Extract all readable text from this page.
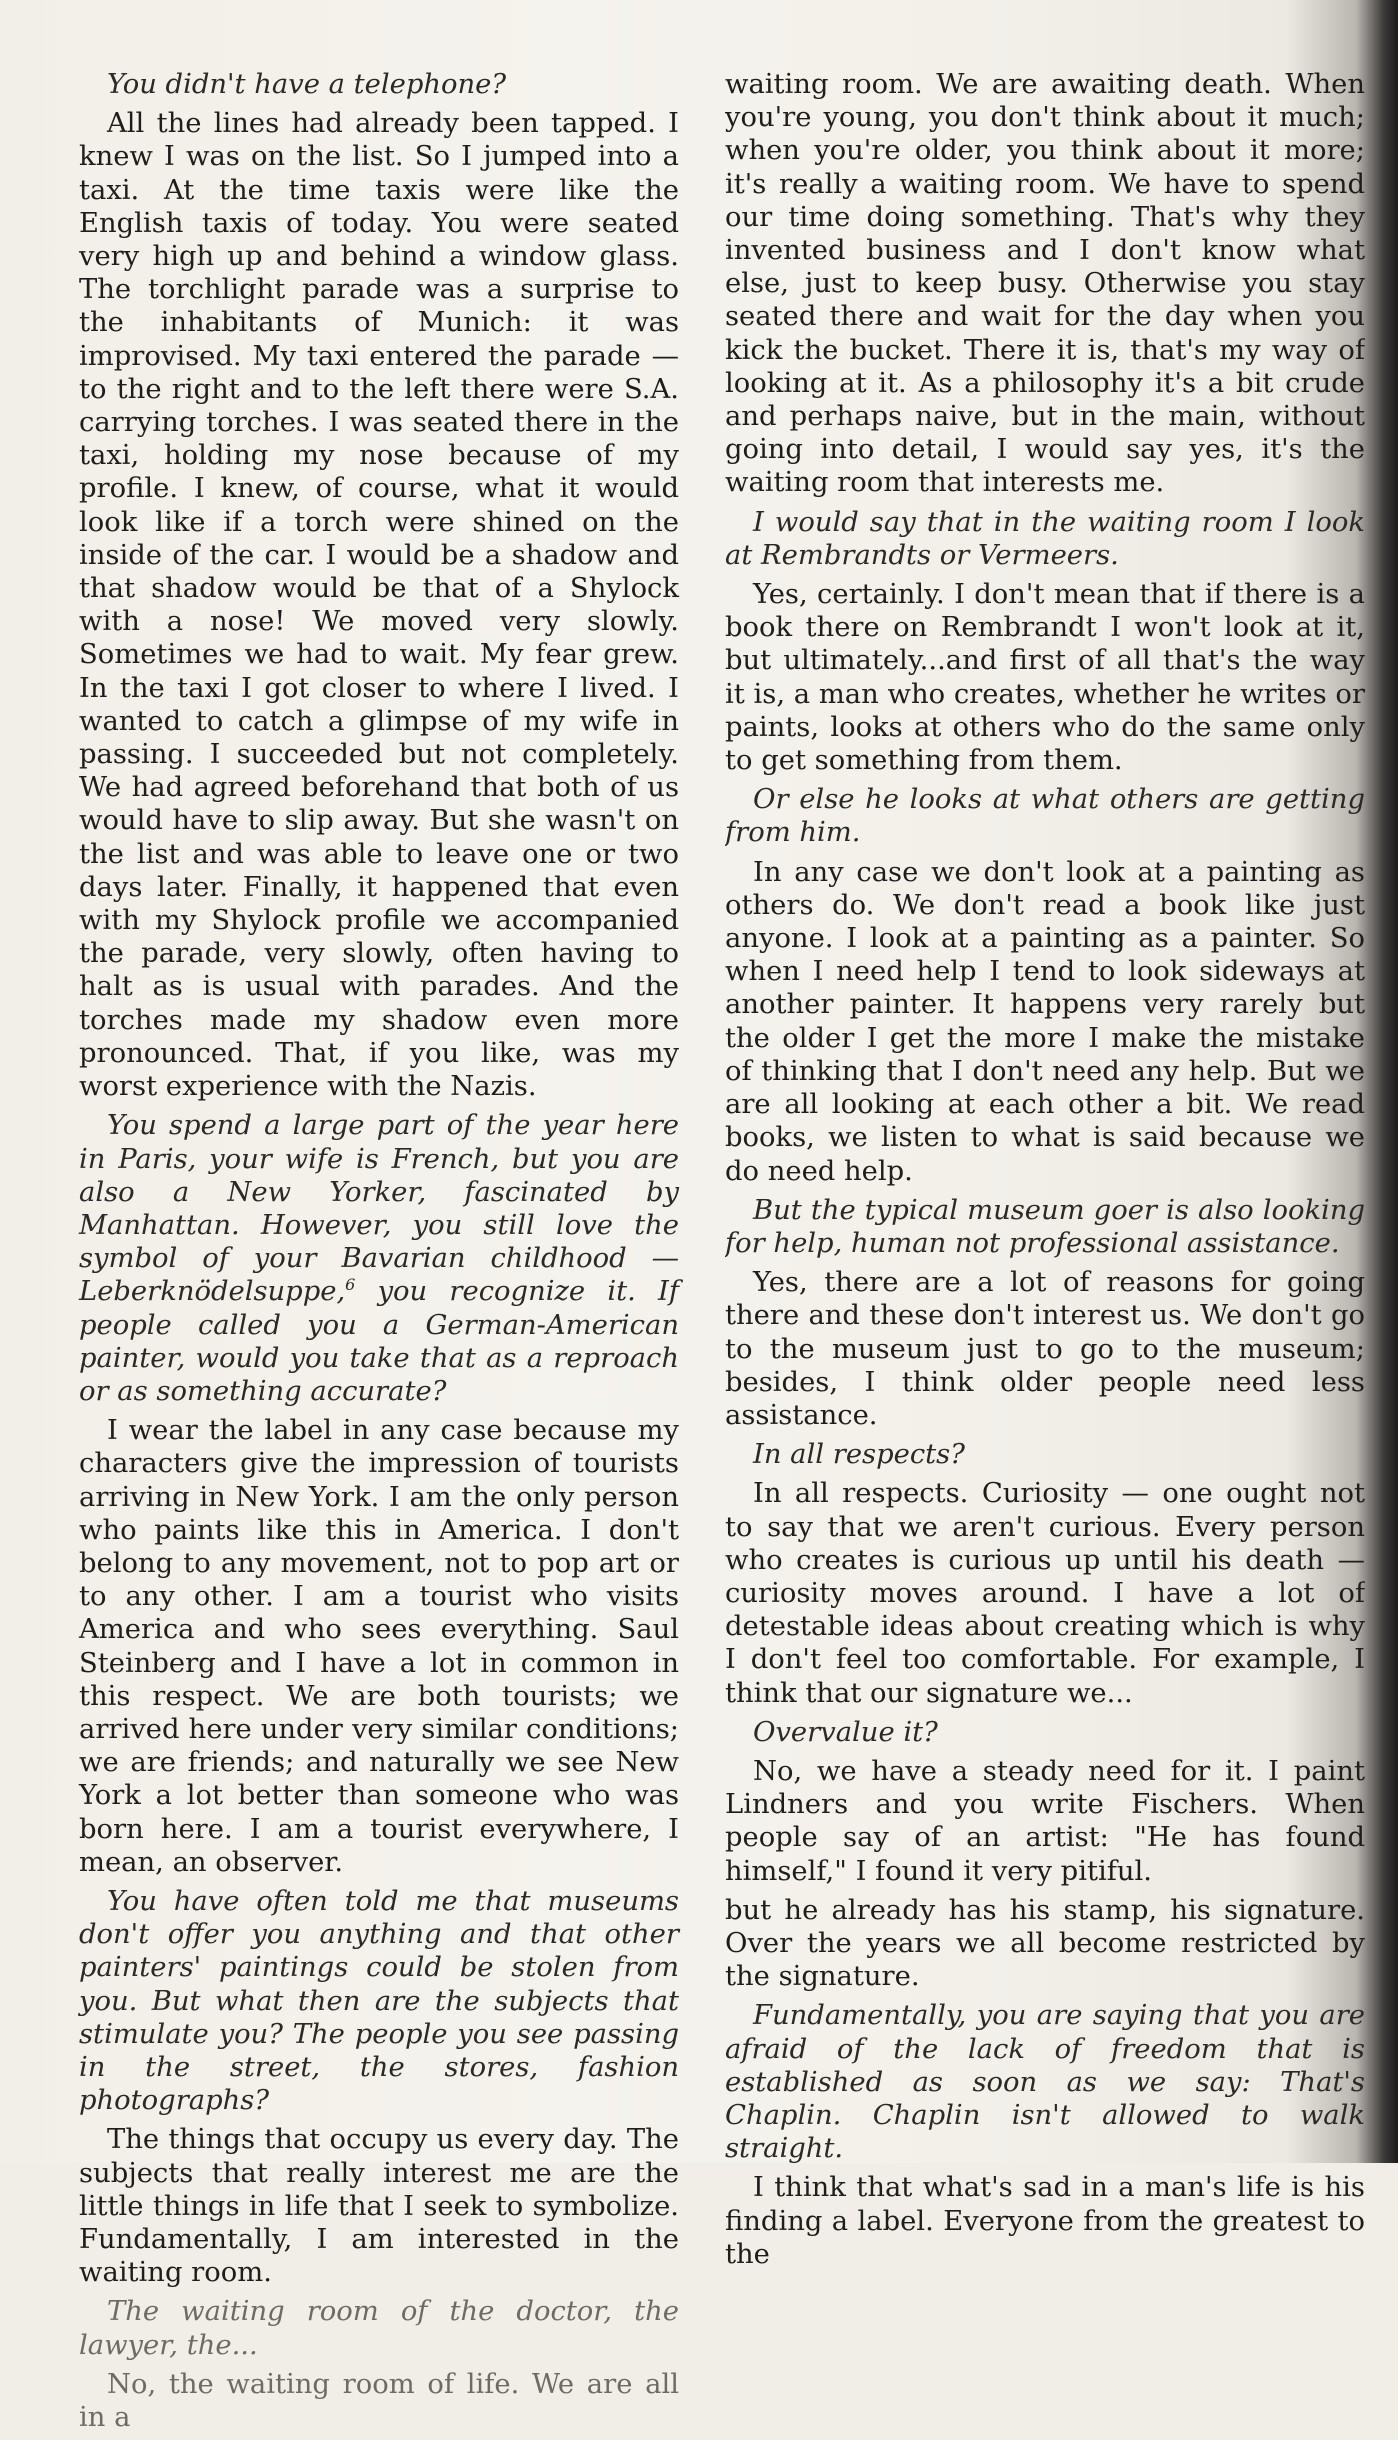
You didn't have a telephone?

All the lines had already been tapped. I knew I was on the list. So I jumped into a taxi. At the time taxis were like the English taxis of today. You were seated very high up and behind a window glass. The torchlight parade was a surprise to the inhabitants of Munich: it was improvised. My taxi entered the parade — to the right and to the left there were S.A. carrying torches. I was seated there in the taxi, holding my nose because of my profile. I knew, of course, what it would look like if a torch were shined on the inside of the car. I would be a shadow and that shadow would be that of a Shylock with a nose! We moved very slowly. Sometimes we had to wait. My fear grew. In the taxi I got closer to where I lived. I wanted to catch a glimpse of my wife in passing. I succeeded but not completely. We had agreed beforehand that both of us would have to slip away. But she wasn't on the list and was able to leave one or two days later. Finally, it happened that even with my Shylock profile we accompanied the parade, very slowly, often having to halt as is usual with parades. And the torches made my shadow even more pronounced. That, if you like, was my worst experience with the Nazis.

You spend a large part of the year here in Paris, your wife is French, but you are also a New Yorker, fascinated by Manhattan. However, you still love the symbol of your Bavarian childhood — Leberknödelsuppe,$^6$ you recognize it. If people called you a German-American painter, would you take that as a reproach or as something accurate?

I wear the label in any case because my characters give the impression of tourists arriving in New York. I am the only person who paints like this in America. I don't belong to any movement, not to pop art or to any other. I am a tourist who visits America and who sees everything. Saul Steinberg and I have a lot in common in this respect. We are both tourists; we arrived here under very similar conditions; we are friends; and naturally we see New York a lot better than someone who was born here. I am a tourist everywhere, I mean, an observer.

You have often told me that museums don't offer you anything and that other painters' paintings could be stolen from you. But what then are the subjects that stimulate you? The people you see passing in the street, the stores, fashion photographs?

The things that occupy us every day. The subjects that really interest me are the little things in life that I seek to symbolize. Fundamentally, I am interested in the waiting room.

The waiting room of the doctor, the lawyer, the...

No, the waiting room of life. We are all in a

waiting room. We are awaiting death. When you're young, you don't think about it much; when you're older, you think about it more; it's really a waiting room. We have to spend our time doing something. That's why they invented business and I don't know what else, just to keep busy. Otherwise you stay seated there and wait for the day when you kick the bucket. There it is, that's my way of looking at it. As a philosophy it's a bit crude and perhaps naive, but in the main, without going into detail, I would say yes, it's the waiting room that interests me.

I would say that in the waiting room I look at Rembrandts or Vermeers.

Yes, certainly. I don't mean that if there is a book there on Rembrandt I won't look at it, but ultimately...and first of all that's the way it is, a man who creates, whether he writes or paints, looks at others who do the same only to get something from them.

Or else he looks at what others are getting from him.

In any case we don't look at a painting as others do. We don't read a book like just anyone. I look at a painting as a painter. So when I need help I tend to look sideways at another painter. It happens very rarely but the older I get the more I make the mistake of thinking that I don't need any help. But we are all looking at each other a bit. We read books, we listen to what is said because we do need help.

But the typical museum goer is also looking for help, human not professional assistance.

Yes, there are a lot of reasons for going there and these don't interest us. We don't go to the museum just to go to the museum; besides, I think older people need less assistance.

In all respects?

In all respects. Curiosity — one ought not to say that we aren't curious. Every person who creates is curious up until his death — curiosity moves around. I have a lot of detestable ideas about creating which is why I don't feel too comfortable. For example, I think that our signature we...

Overvalue it?

No, we have a steady need for it. I paint Lindners and you write Fischers. When people say of an artist: "He has found himself," I found it very pitiful.

but he already has his stamp, his signature. Over the years we all become restricted by the signature.

Fundamentally, you are saying that you are afraid of the lack of freedom that is established as soon as we say: That's Chaplin. Chaplin isn't allowed to walk straight.

I think that what's sad in a man's life is his finding a label. Everyone from the greatest to the
